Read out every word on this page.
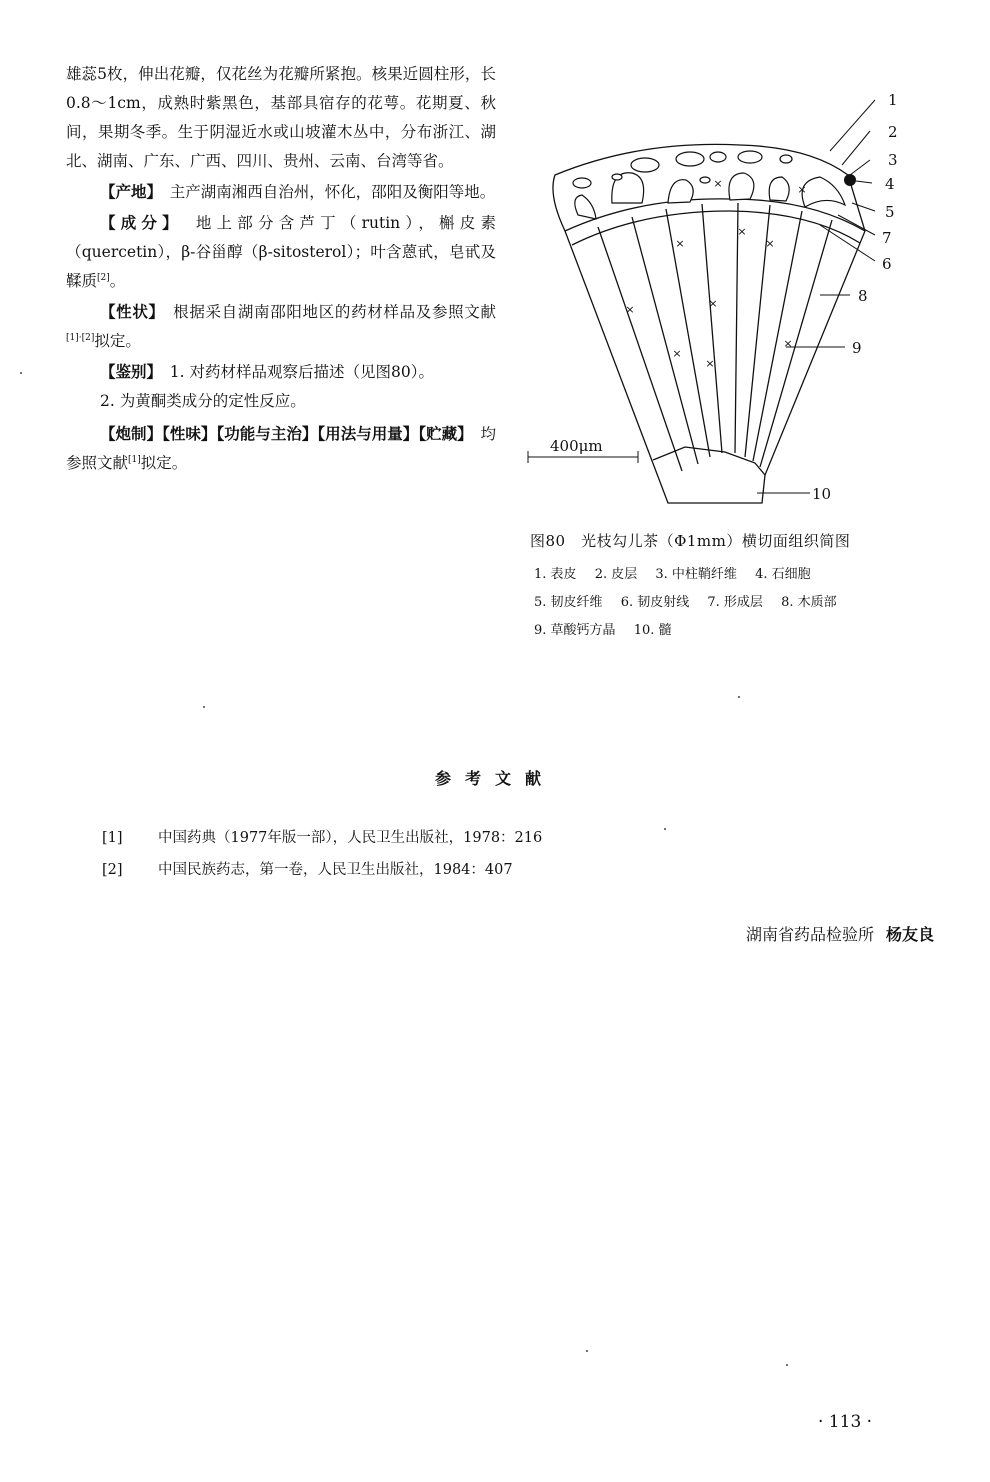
雄蕊5枚，伸出花瓣，仅花丝为花瓣所紧抱。核果近圆柱形，长0.8～1cm，成熟时紫黑色，基部具宿存的花萼。花期夏、秋间，果期冬季。生于阴湿近水或山坡灌木丛中，分布浙江、湖北、湖南、广东、广西、四川、贵州、云南、台湾等省。

【产地】　 主产湖南湘西自治州，怀化，邵阳及衡阳等地。

【成分】　 地上部分含芦丁（rutin），槲皮素（quercetin），β-谷甾醇（β-sitosterol）；叶含蒽甙，皂甙及鞣质[2]。

【性状】　 根据采自湖南邵阳地区的药材样品及参照文献[1]·[2]拟定。

【鉴别】　 1. 对药材样品观察后描述（见图80）。

2. 为黄酮类成分的定性反应。

【炮制】【性味】【功能与主治】【用法与用量】【贮藏】　 均参照文献[1]拟定。

×
×
×
×	×
×
×
×
×	×
400μm
1
2
3
4
5
7
6
8
9
10
图80　光枝勾儿茶（Φ1mm）横切面组织简图
1. 表皮 2. 皮层 3. 中柱鞘纤维 4. 石细胞
5. 韧皮纤维 6. 韧皮射线 7. 形成层 8. 木质部
9. 草酸钙方晶 10. 髓
参考文献
[1] 中国药典（1977年版一部），人民卫生出版社，1978：216
[2] 中国民族药志，第一卷，人民卫生出版社，1984：407
湖南省药品检验所 杨友良
· 113 ·
